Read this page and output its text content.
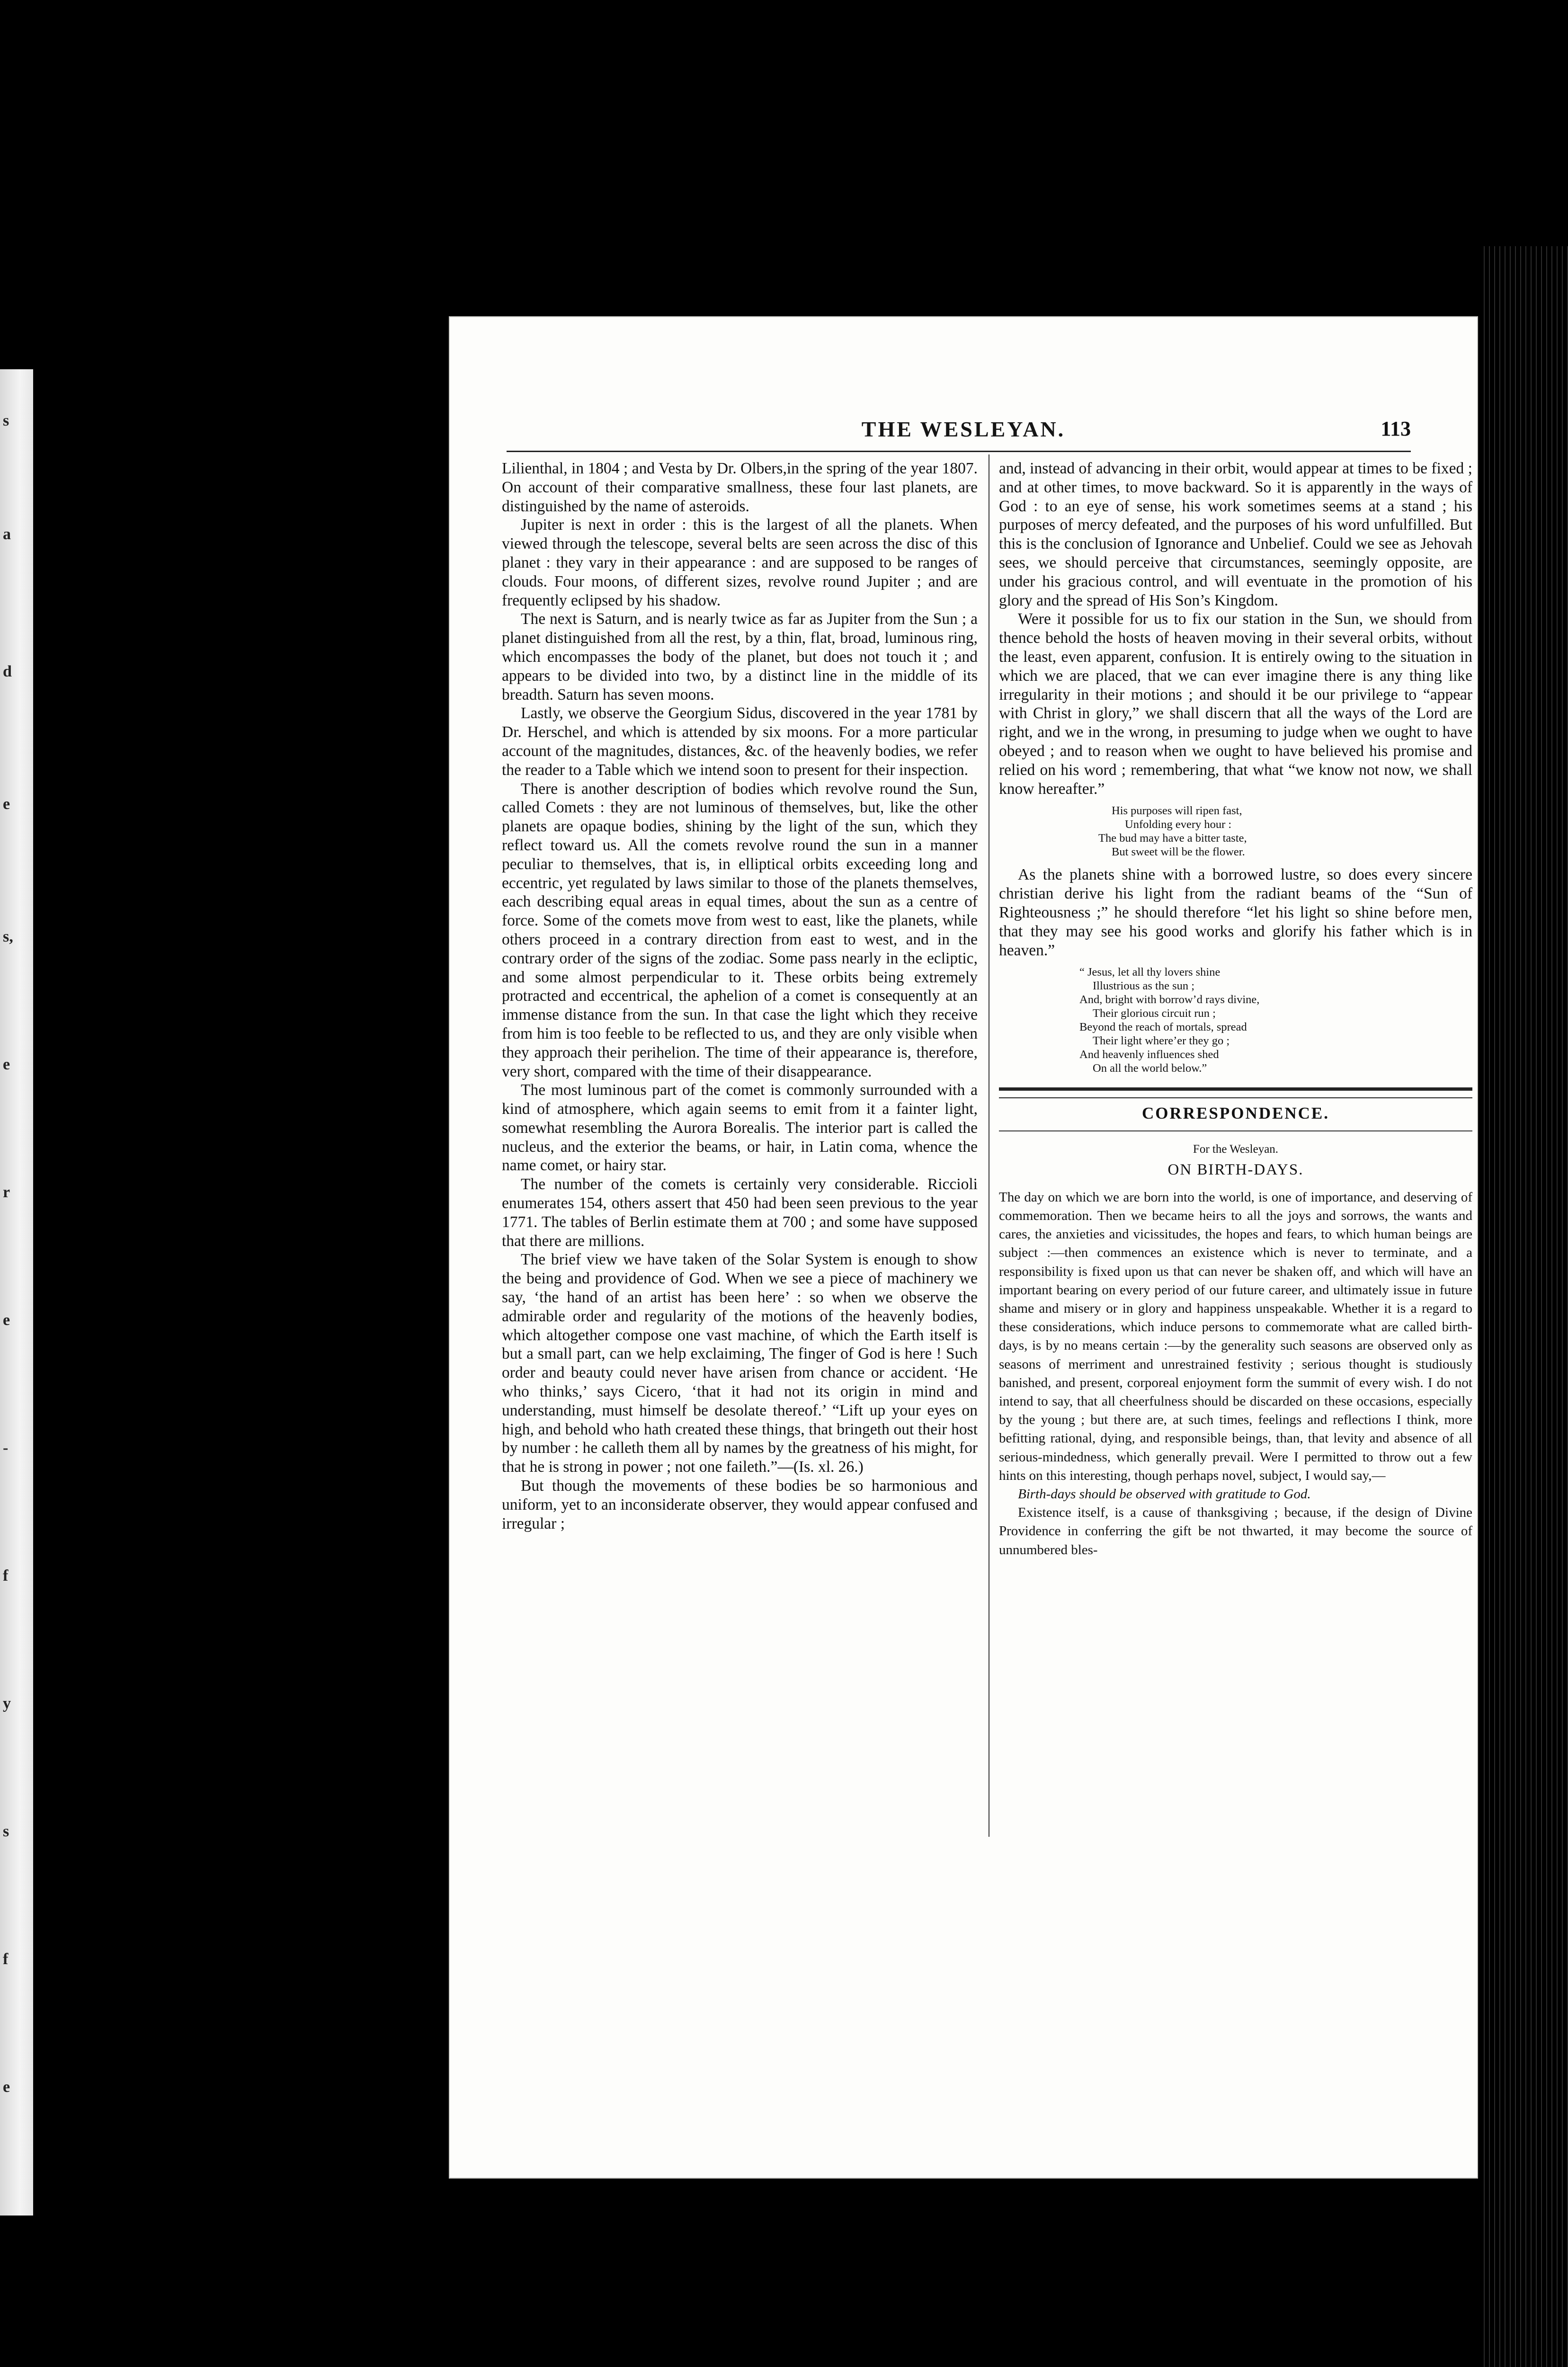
s
a
d
e
s,
e
r
e
-
f
y
s
f
e
THE WESLEYAN.	113

Lilienthal, in 1804 ; and Vesta by Dr. Olbers,in the spring of the year 1807. On account of their comparative smallness, these four last planets, are distinguished by the name of asteroids.

Jupiter is next in order : this is the largest of all the planets. When viewed through the telescope, several belts are seen across the disc of this planet : they vary in their appearance : and are supposed to be ranges of clouds. Four moons, of different sizes, revolve round Jupiter ; and are frequently eclipsed by his shadow.

The next is Saturn, and is nearly twice as far as Jupiter from the Sun ; a planet distinguished from all the rest, by a thin, flat, broad, luminous ring, which encompasses the body of the planet, but does not touch it ; and appears to be divided into two, by a distinct line in the middle of its breadth. Saturn has seven moons.

Lastly, we observe the Georgium Sidus, discovered in the year 1781 by Dr. Herschel, and which is attended by six moons. For a more particular account of the magnitudes, distances, &c. of the heavenly bodies, we refer the reader to a Table which we intend soon to present for their inspection.

There is another description of bodies which revolve round the Sun, called Comets : they are not luminous of themselves, but, like the other planets are opaque bodies, shining by the light of the sun, which they reflect toward us. All the comets revolve round the sun in a manner peculiar to themselves, that is, in elliptical orbits exceeding long and eccentric, yet regulated by laws similar to those of the planets themselves, each describing equal areas in equal times, about the sun as a centre of force. Some of the comets move from west to east, like the planets, while others proceed in a contrary direction from east to west, and in the contrary order of the signs of the zodiac. Some pass nearly in the ecliptic, and some almost perpendicular to it. These orbits being extremely protracted and eccentrical, the aphelion of a comet is consequently at an immense distance from the sun. In that case the light which they receive from him is too feeble to be reflected to us, and they are only visible when they approach their perihelion. The time of their appearance is, therefore, very short, compared with the time of their disappearance.

The most luminous part of the comet is commonly surrounded with a kind of atmosphere, which again seems to emit from it a fainter light, somewhat resembling the Aurora Borealis. The interior part is called the nucleus, and the exterior the beams, or hair, in Latin coma, whence the name comet, or hairy star.

The number of the comets is certainly very considerable. Riccioli enumerates 154, others assert that 450 had been seen previous to the year 1771. The tables of Berlin estimate them at 700 ; and some have supposed that there are millions.

The brief view we have taken of the Solar System is enough to show the being and providence of God. When we see a piece of machinery we say, ‘the hand of an artist has been here’ : so when we observe the admirable order and regularity of the motions of the heavenly bodies, which altogether compose one vast machine, of which the Earth itself is but a small part, can we help exclaiming, The finger of God is here ! Such order and beauty could never have arisen from chance or accident. ‘He who thinks,’ says Cicero, ‘that it had not its origin in mind and understanding, must himself be desolate thereof.’ “Lift up your eyes on high, and behold who hath created these things, that bringeth out their host by number : he calleth them all by names by the greatness of his might, for that he is strong in power ; not one faileth.”—(Is. xl. 26.)

But though the movements of these bodies be so harmonious and uniform, yet to an inconsiderate observer, they would appear confused and irregular ;

and, instead of advancing in their orbit, would appear at times to be fixed ; and at other times, to move backward. So it is apparently in the ways of God : to an eye of sense, his work sometimes seems at a stand ; his purposes of mercy defeated, and the purposes of his word unfulfilled. But this is the conclusion of Ignorance and Unbelief. Could we see as Jehovah sees, we should perceive that circumstances, seemingly opposite, are under his gracious control, and will eventuate in the promotion of his glory and the spread of His Son’s Kingdom.

Were it possible for us to fix our station in the Sun, we should from thence behold the hosts of heaven moving in their several orbits, without the least, even apparent, confusion. It is entirely owing to the situation in which we are placed, that we can ever imagine there is any thing like irregularity in their motions ; and should it be our privilege to “appear with Christ in glory,” we shall discern that all the ways of the Lord are right, and we in the wrong, in presuming to judge when we ought to have obeyed ; and to reason when we ought to have believed his promise and relied on his word ; remembering, that what “we know not now, we shall know hereafter.”

His purposes will ripen fast,
Unfolding every hour :
The bud may have a bitter taste,
But sweet will be the flower.

As the planets shine with a borrowed lustre, so does every sincere christian derive his light from the radiant beams of the “Sun of Righteousness ;” he should therefore “let his light so shine before men, that they may see his good works and glorify his father which is in heaven.”

“ Jesus, let all thy lovers shine
Illustrious as the sun ;
And, bright with borrow’d rays divine,
Their glorious circuit run ;
Beyond the reach of mortals, spread
Their light where’er they go ;
And heavenly influences shed
On all the world below.”
CORRESPONDENCE.
For the Wesleyan.
ON BIRTH-DAYS.

The day on which we are born into the world, is one of importance, and deserving of commemoration. Then we became heirs to all the joys and sorrows, the wants and cares, the anxieties and vicissitudes, the hopes and fears, to which human beings are subject :—then commences an existence which is never to terminate, and a responsibility is fixed upon us that can never be shaken off, and which will have an important bearing on every period of our future career, and ultimately issue in future shame and misery or in glory and happiness unspeakable. Whether it is a regard to these considerations, which induce persons to commemorate what are called birth-days, is by no means certain :—by the generality such seasons are observed only as seasons of merriment and unrestrained festivity ; serious thought is studiously banished, and present, corporeal enjoyment form the summit of every wish. I do not intend to say, that all cheerfulness should be discarded on these occasions, especially by the young ; but there are, at such times, feelings and reflections I think, more befitting rational, dying, and responsible beings, than, that levity and absence of all serious-mindedness, which generally prevail. Were I permitted to throw out a few hints on this interesting, though perhaps novel, subject, I would say,—

Birth-days should be observed with gratitude to God.

Existence itself, is a cause of thanksgiving ; because, if the design of Divine Providence in conferring the gift be not thwarted, it may become the source of unnumbered bles-
